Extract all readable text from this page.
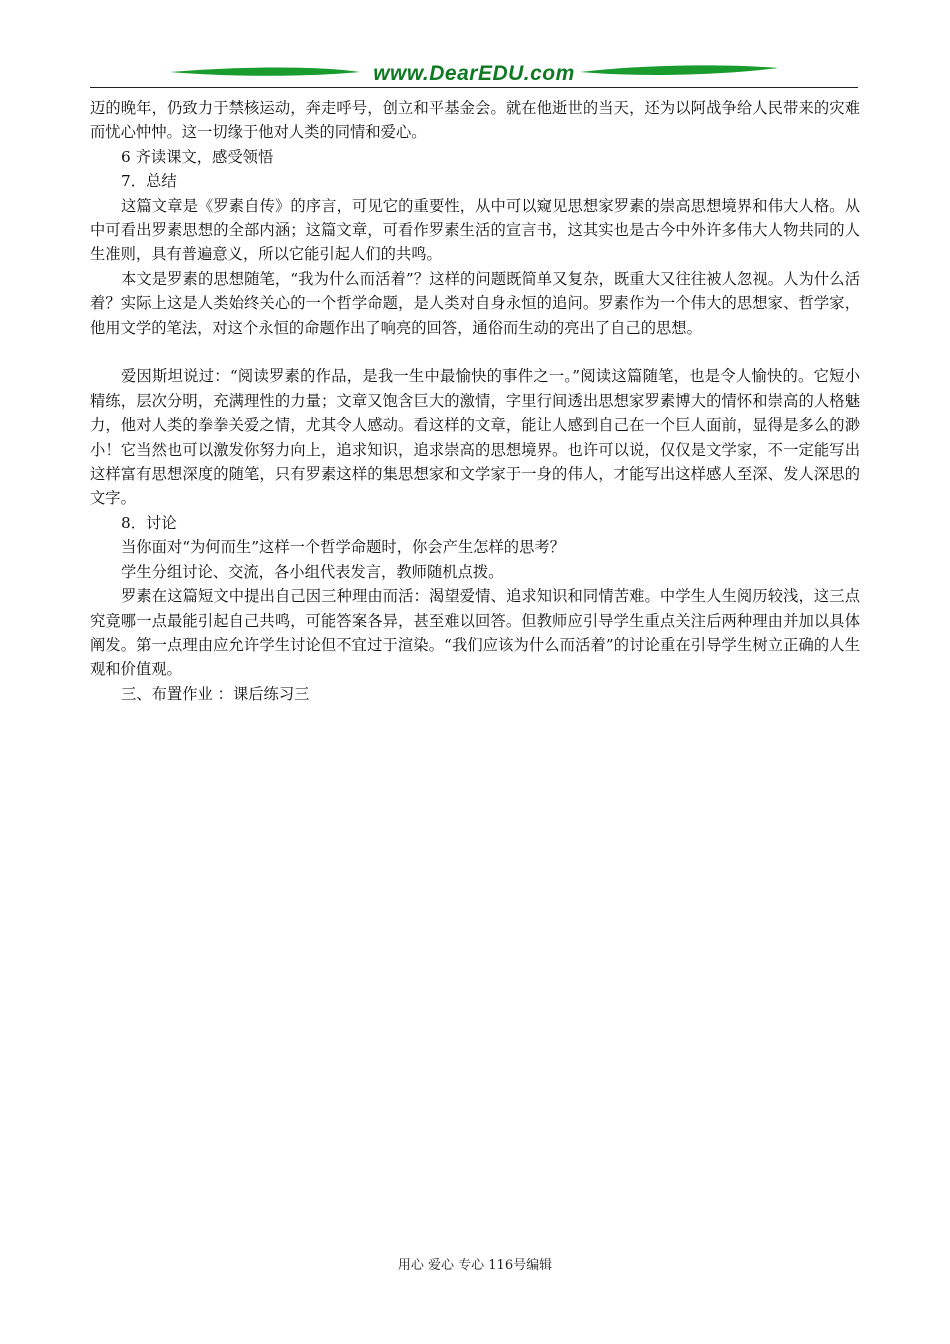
www.DearEDU.com

迈的晚年，仍致力于禁核运动，奔走呼号，创立和平基金会。就在他逝世的当天，还为以阿战争给人民带来的灾难而忧心忡忡。这一切缘于他对人类的同情和爱心。

6 齐读课文，感受领悟

7．总结

这篇文章是《罗素自传》的序言，可见它的重要性，从中可以窥见思想家罗素的崇高思想境界和伟大人格。从中可看出罗素思想的全部内涵；这篇文章，可看作罗素生活的宣言书，这其实也是古今中外许多伟大人物共同的人生准则，具有普遍意义，所以它能引起人们的共鸣。

本文是罗素的思想随笔，“我为什么而活着”？这样的问题既简单又复杂，既重大又往往被人忽视。人为什么活着？实际上这是人类始终关心的一个哲学命题，是人类对自身永恒的追问。罗素作为一个伟大的思想家、哲学家，他用文学的笔法，对这个永恒的命题作出了响亮的回答，通俗而生动的亮出了自己的思想。

爱因斯坦说过：“阅读罗素的作品，是我一生中最愉快的事件之一。”阅读这篇随笔，也是令人愉快的。它短小精练，层次分明，充满理性的力量；文章又饱含巨大的激情，字里行间透出思想家罗素博大的情怀和崇高的人格魅力，他对人类的拳拳关爱之情，尤其令人感动。看这样的文章，能让人感到自己在一个巨人面前，显得是多么的渺小！它当然也可以激发你努力向上，追求知识，追求崇高的思想境界。也许可以说，仅仅是文学家，不一定能写出这样富有思想深度的随笔，只有罗素这样的集思想家和文学家于一身的伟人，才能写出这样感人至深、发人深思的文字。

8．讨论

当你面对“为何而生”这样一个哲学命题时，你会产生怎样的思考？

学生分组讨论、交流，各小组代表发言，教师随机点拨。

罗素在这篇短文中提出自己因三种理由而活：渴望爱情、追求知识和同情苦难。中学生人生阅历较浅，这三点究竟哪一点最能引起自己共鸣，可能答案各异，甚至难以回答。但教师应引导学生重点关注后两种理由并加以具体阐发。第一点理由应允许学生讨论但不宜过于渲染。“我们应该为什么而活着”的讨论重在引导学生树立正确的人生观和价值观。

三、布置作业 ：课后练习三

用心 爱心 专心 116号编辑
